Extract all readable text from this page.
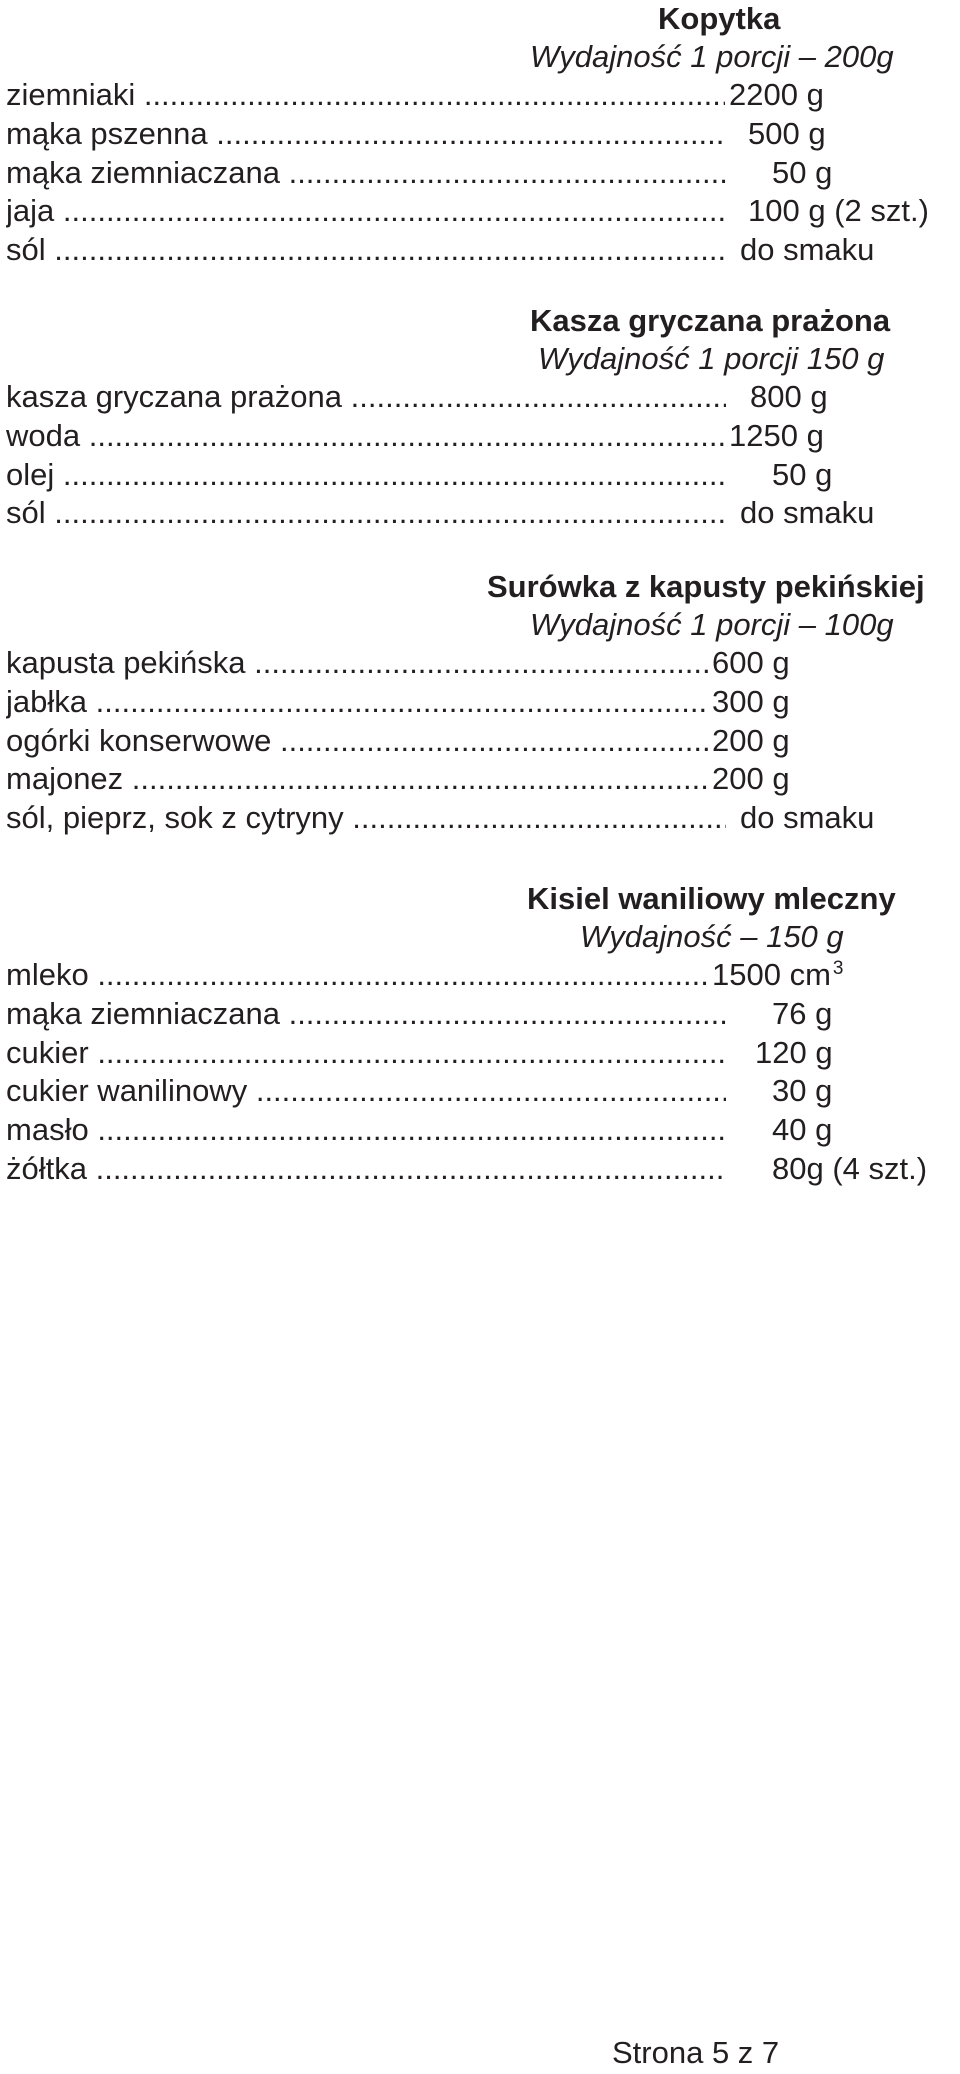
Kopytka
Wydajność 1 porcji – 200g
ziemniaki .....	2200 g
mąka pszenna .....	500 g
mąka ziemniaczana .....	50 g
jaja .....	100 g (2 szt.)
sól .....	do smaku
Kasza gryczana prażona
Wydajność 1 porcji 150 g
kasza gryczana prażona .....	800 g
woda .....	1250 g
olej .....	50 g
sól .....	do smaku
Surówka z kapusty pekińskiej
Wydajność 1 porcji – 100g
kapusta pekińska .....	600 g
jabłka .....	300 g
ogórki konserwowe .....	200 g
majonez .....	200 g
sól, pieprz, sok z cytryny .....	do smaku
Kisiel waniliowy mleczny
Wydajność – 150 g
mleko .....	1500 cm $^3$
mąka ziemniaczana .....	76 g
cukier .....	120 g
cukier wanilinowy .....	30 g
masło .....	40 g
żółtka .....	80g (4 szt.)
Strona 5 z 7
